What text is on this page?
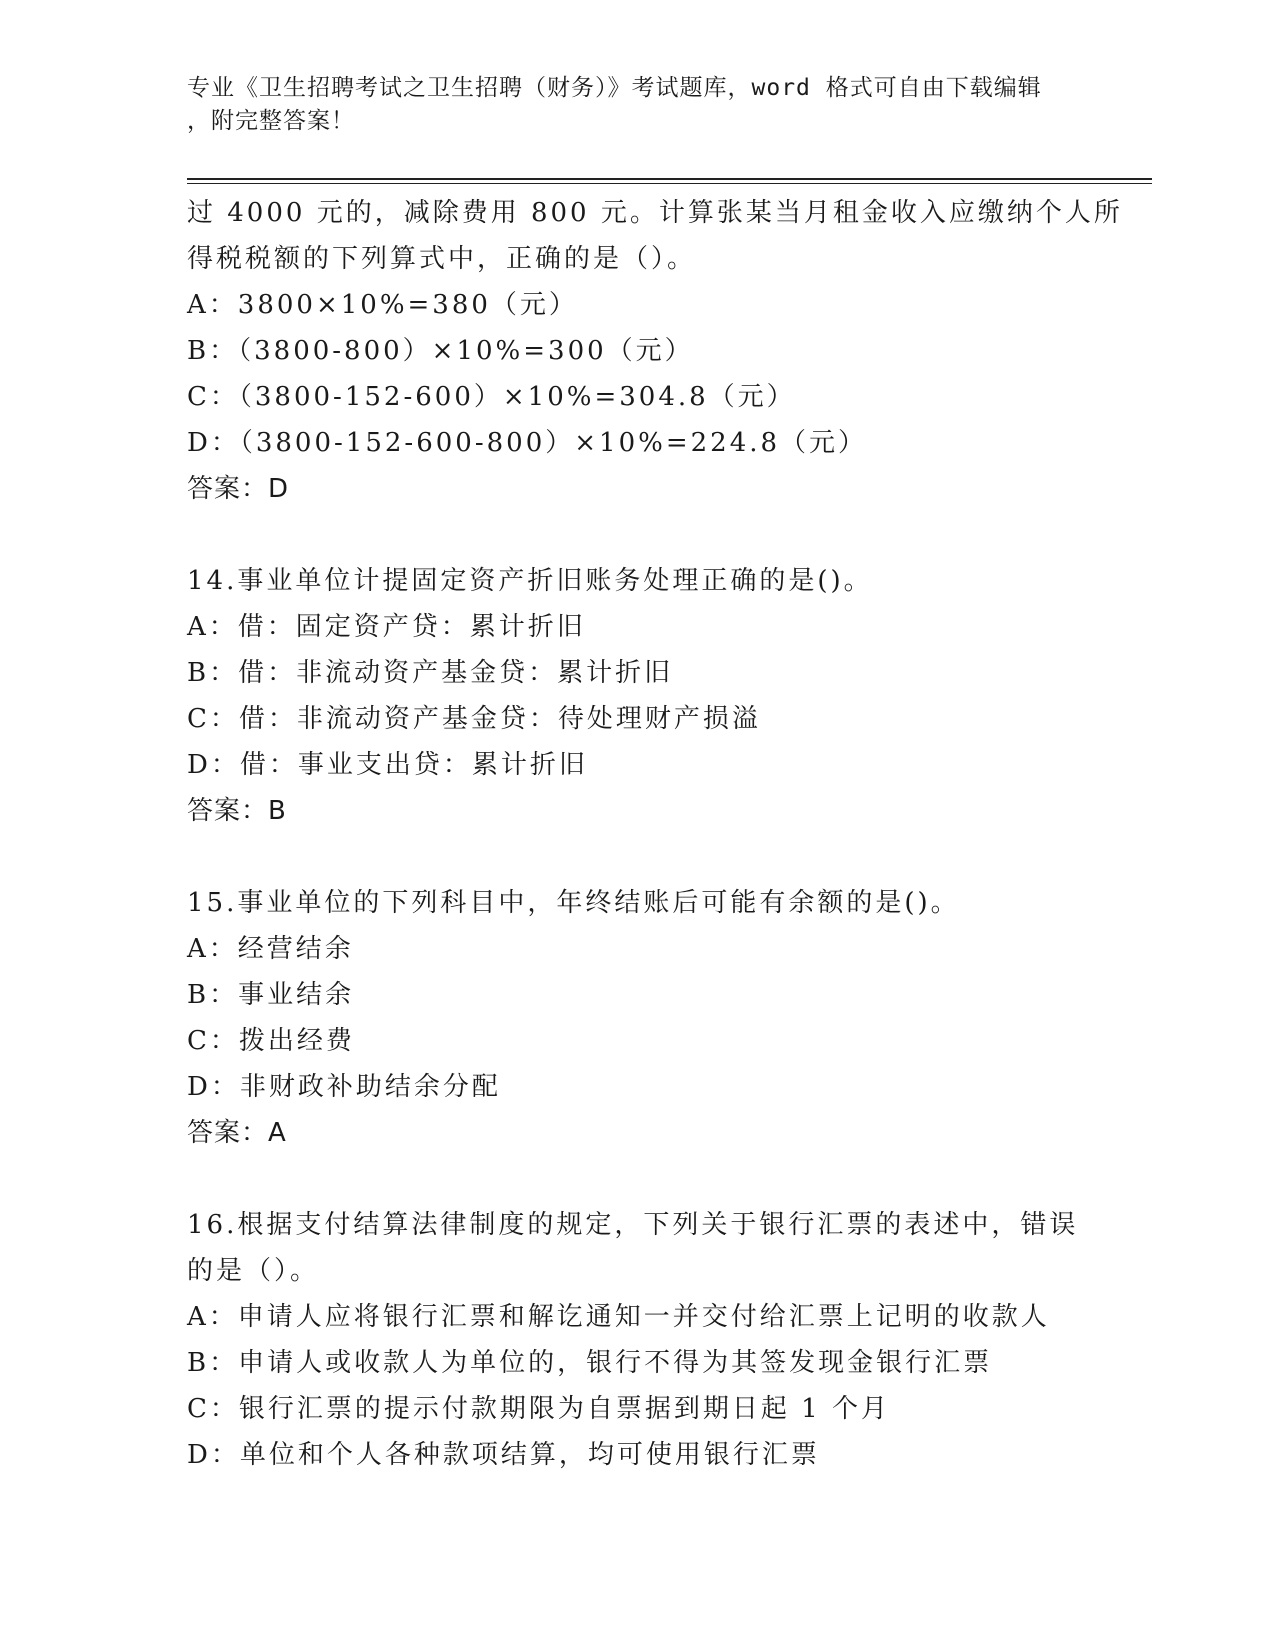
专业《卫生招聘考试之卫生招聘（财务）》考试题库，word 格式可自由下载编辑
，附完整答案！
过 4000 元的，减除费用 800 元。计算张某当月租金收入应缴纳个人所
得税税额的下列算式中，正确的是（）。
A：3800×10%=380（元）
B：（3800-800）×10%=300（元）
C：（3800-152-600）×10%=304.8（元）
D：（3800-152-600-800）×10%=224.8（元）
答案：D
14.事业单位计提固定资产折旧账务处理正确的是()。
A：借：固定资产贷：累计折旧
B：借：非流动资产基金贷：累计折旧
C：借：非流动资产基金贷：待处理财产损溢
D：借：事业支出贷：累计折旧
答案：B
15.事业单位的下列科目中，年终结账后可能有余额的是()。
A：经营结余
B：事业结余
C：拨出经费
D：非财政补助结余分配
答案：A
16.根据支付结算法律制度的规定，下列关于银行汇票的表述中，错误
的是（）。
A：申请人应将银行汇票和解讫通知一并交付给汇票上记明的收款人
B：申请人或收款人为单位的，银行不得为其签发现金银行汇票
C：银行汇票的提示付款期限为自票据到期日起 1 个月
D：单位和个人各种款项结算，均可使用银行汇票
